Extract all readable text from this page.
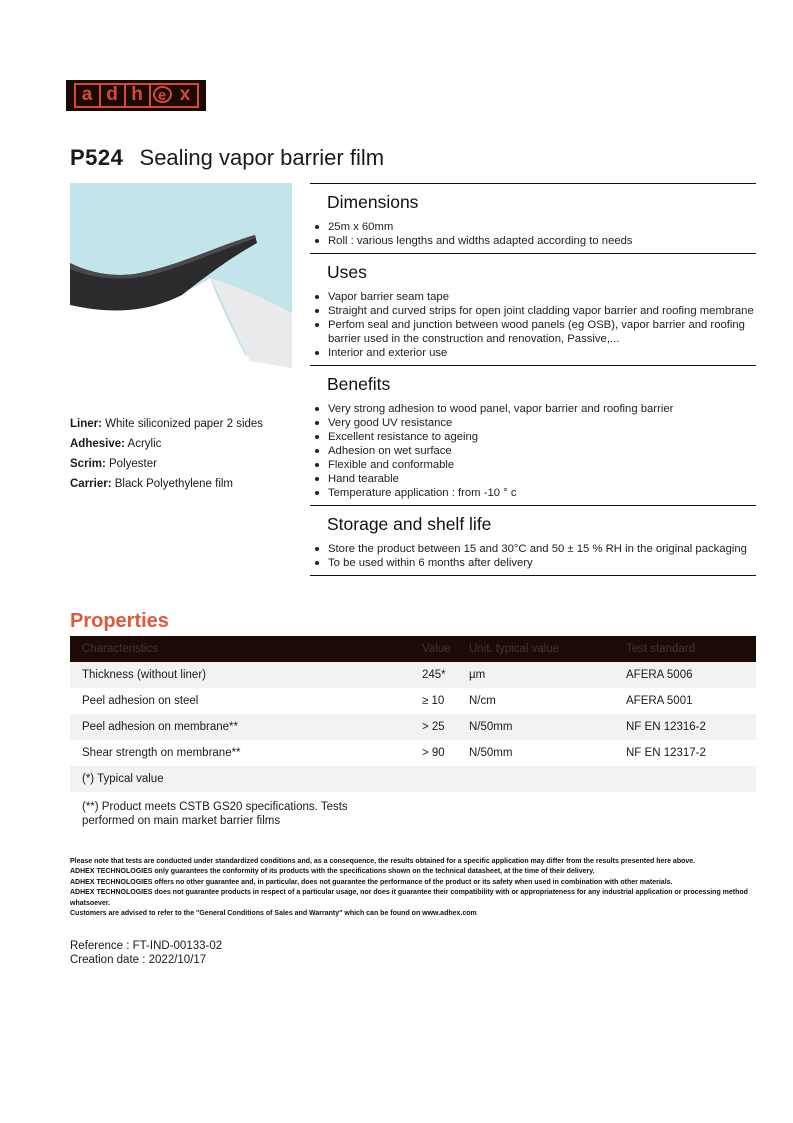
a d h	e x
P524 Sealing vapor barrier film
Liner: White siliconized paper 2 sides
Adhesive: Acrylic
Scrim: Polyester
Carrier: Black Polyethylene film
Dimensions
25m x 60mm
Roll : various lengths and widths adapted according to needs
Uses
Vapor barrier seam tape
Straight and curved strips for open joint cladding vapor barrier and roofing membrane
Perfom seal and junction between wood panels (eg OSB), vapor barrier and roofing barrier used in the construction and renovation, Passive,...
Interior and exterior use
Benefits
Very strong adhesion to wood panel, vapor barrier and roofing barrier
Very good UV resistance
Excellent resistance to ageing
Adhesion on wet surface
Flexible and conformable
Hand tearable
Temperature application : from -10 ° c
Storage and shelf life
Store the product between 15 and 30°C and 50 ± 15 % RH in the original packaging
To be used within 6 months after delivery
Properties
Characteristics	Value	Unit. typical value	Test standard
Thickness (without liner)	245*	µm	AFERA 5006
Peel adhesion on steel	≥ 10	N/cm	AFERA 5001
Peel adhesion on membrane**	> 25	N/50mm	NF EN 12316-2
Shear strength on membrane**	> 90	N/50mm	NF EN 12317-2
(*) Typical value
(**) Product meets CSTB GS20 specifications. Tests performed on main market barrier films
Please note that tests are conducted under standardized conditions and, as a consequence, the results obtained for a specific application may differ from the results presented here above.
ADHEX TECHNOLOGIES only guarantees the conformity of its products with the specifications shown on the technical datasheet, at the time of their delivery.
ADHEX TECHNOLOGIES offers no other guarantee and, in particular, does not guarantee the performance of the product or its safety when used in combination with other materials.
ADHEX TECHNOLOGIES does not guarantee products in respect of a particular usage, nor does it guarantee their compatibility with or appropriateness for any industrial application or processing method whatsoever.
Customers are advised to refer to the "General Conditions of Sales and Warranty" which can be found on www.adhex.com
Reference : FT-IND-00133-02
Creation date : 2022/10/17
